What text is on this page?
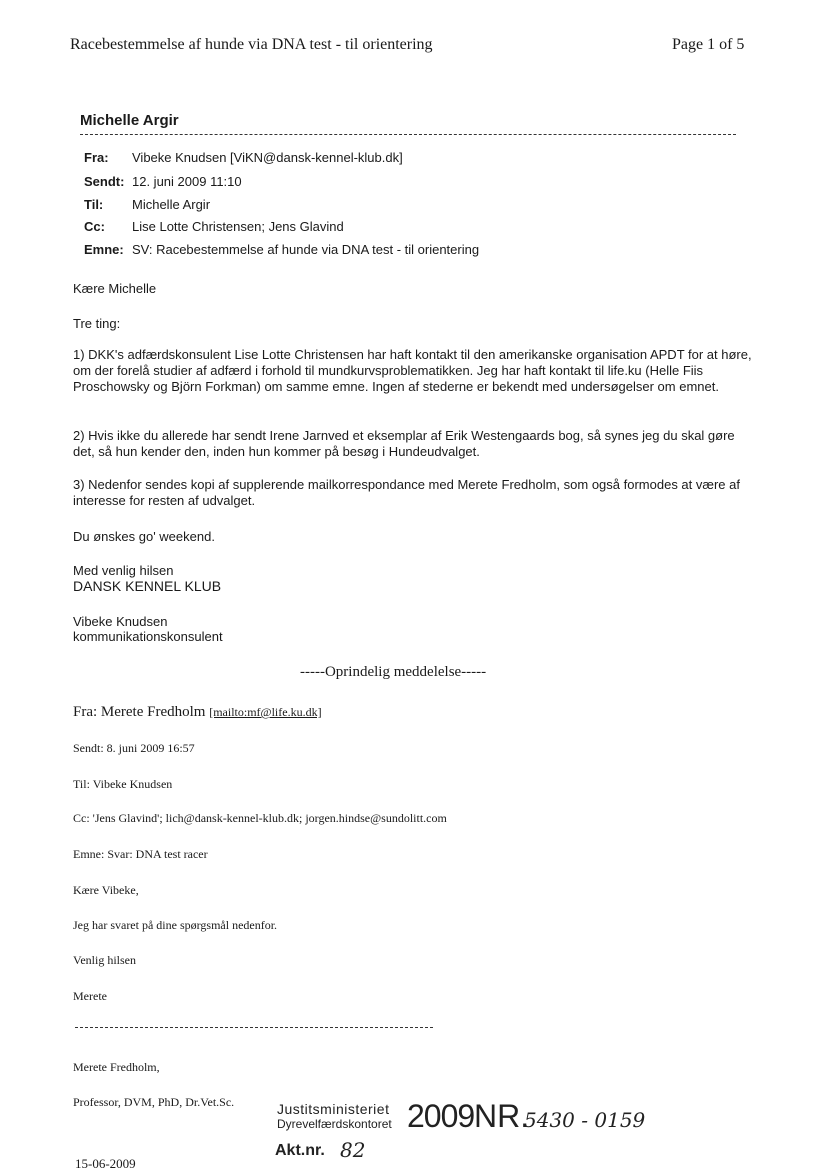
Racebestemmelse af hunde via DNA test - til orientering	Page 1 of 5
Michelle Argir
Fra: Vibeke Knudsen [ViKN@dansk-kennel-klub.dk]
Sendt: 12. juni 2009 11:10
Til: Michelle Argir
Cc: Lise Lotte Christensen; Jens Glavind
Emne: SV: Racebestemmelse af hunde via DNA test - til orientering
Kære Michelle
Tre ting:
1) DKK's adfærdskonsulent Lise Lotte Christensen har haft kontakt til den amerikanske organisation APDT for at høre, om der forelå studier af adfærd i forhold til mundkurvsproblematikken. Jeg har haft kontakt til life.ku (Helle Fiis Proschowsky og Björn Forkman) om samme emne. Ingen af stederne er bekendt med undersøgelser om emnet.
2) Hvis ikke du allerede har sendt Irene Jarnved et eksemplar af Erik Westengaards bog, så synes jeg du skal gøre det, så hun kender den, inden hun kommer på besøg i Hundeudvalget.
3) Nedenfor sendes kopi af supplerende mailkorrespondance med Merete Fredholm, som også formodes at være af interesse for resten af udvalget.
Du ønskes go' weekend.
Med venlig hilsen
DANSK KENNEL KLUB
Vibeke Knudsen
kommunikationskonsulent
-----Oprindelig meddelelse-----
Fra: Merete Fredholm [mailto:mf@life.ku.dk]
Sendt: 8. juni 2009 16:57
Til: Vibeke Knudsen
Cc: 'Jens Glavind'; lich@dansk-kennel-klub.dk; jorgen.hindse@sundolitt.com
Emne: Svar: DNA test racer
Kære Vibeke,
Jeg har svaret på dine spørgsmål nedenfor.
Venlig hilsen
Merete
Merete Fredholm,
Professor, DVM, PhD, Dr.Vet.Sc.	Justitsministeriet
Dyrevelfærdskontoret 2009 NR.
5430 - 0159
Akt.nr. 82
15-06-2009
